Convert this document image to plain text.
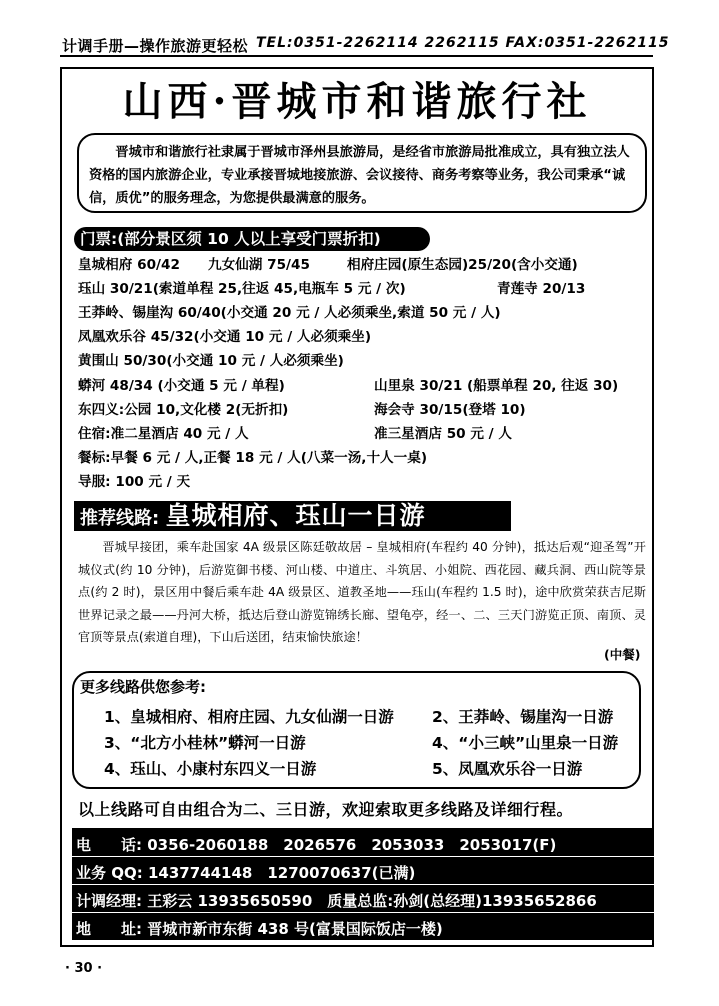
计调手册—操作旅游更轻松 TEL:0351-2262114 2262115 FAX:0351-2262115
山西·晋城市和谐旅行社

晋城市和谐旅行社隶属于晋城市泽州县旅游局，是经省市旅游局批准成立，具有独立法人资格的国内旅游企业，专业承接晋城地接旅游、会议接待、商务考察等业务，我公司秉承“诚信，质优”的服务理念，为您提供最满意的服务。

门票:(部分景区须 10 人以上享受门票折扣)
皇城相府 60/42 九女仙湖 75/45	相府庄园(原生态园)25/20(含小交通)
珏山 30/21(索道单程 25,往返 45,电瓶车 5 元 / 次)	青莲寺 20/13
王莽岭、锡崖沟 60/40(小交通 20 元 / 人必须乘坐,索道 50 元 / 人)
凤凰欢乐谷 45/32(小交通 10 元 / 人必须乘坐)
黄围山 50/30(小交通 10 元 / 人必须乘坐)
蟒河 48/34 (小交通 5 元 / 单程)	山里泉 30/21 (船票单程 20, 往返 30)
东四义:公园 10,文化楼 2(无折扣)	海会寺 30/15(登塔 10)
住宿:准二星酒店 40 元 / 人	准三星酒店 50 元 / 人
餐标:早餐 6 元 / 人,正餐 18 元 / 人(八菜一汤,十人一桌)
导服: 100 元 / 天
推荐线路: 皇城相府、珏山一日游

晋城早接团，乘车赴国家 4A 级景区陈廷敬故居 – 皇城相府(车程约 40 分钟)，抵达后观“迎圣驾”开城仪式(约 10 分钟)，后游览御书楼、河山楼、中道庄、斗筑居、小姐院、西花园、藏兵洞、西山院等景点(约 2 时)，景区用中餐后乘车赴 4A 级景区、道教圣地——珏山(车程约 1.5 时)，途中欣赏荣获吉尼斯世界记录之最——丹河大桥，抵达后登山游览锦绣长廊、望龟亭，经一、二、三天门游览正顶、南顶、灵官顶等景点(索道自理)，下山后送团，结束愉快旅途！

(中餐)
更多线路供您参考:
1、皇城相府、相府庄园、九女仙湖一日游 2、王莽岭、锡崖沟一日游
3、“北方小桂林”蟒河一日游	4、“小三峡”山里泉一日游
4、珏山、小康村东四义一日游	5、凤凰欢乐谷一日游
以上线路可自由组合为二、三日游，欢迎索取更多线路及详细行程。
电　　话: 0356-2060188　2026576　2053033　2053017(F)
业务 QQ: 1437744148　1270070637(已满)
计调经理: 王彩云 13935650590　质量总监:孙剑(总经理)13935652866
地　　址: 晋城市新市东街 438 号(富景国际饭店一楼)
· 30 ·
